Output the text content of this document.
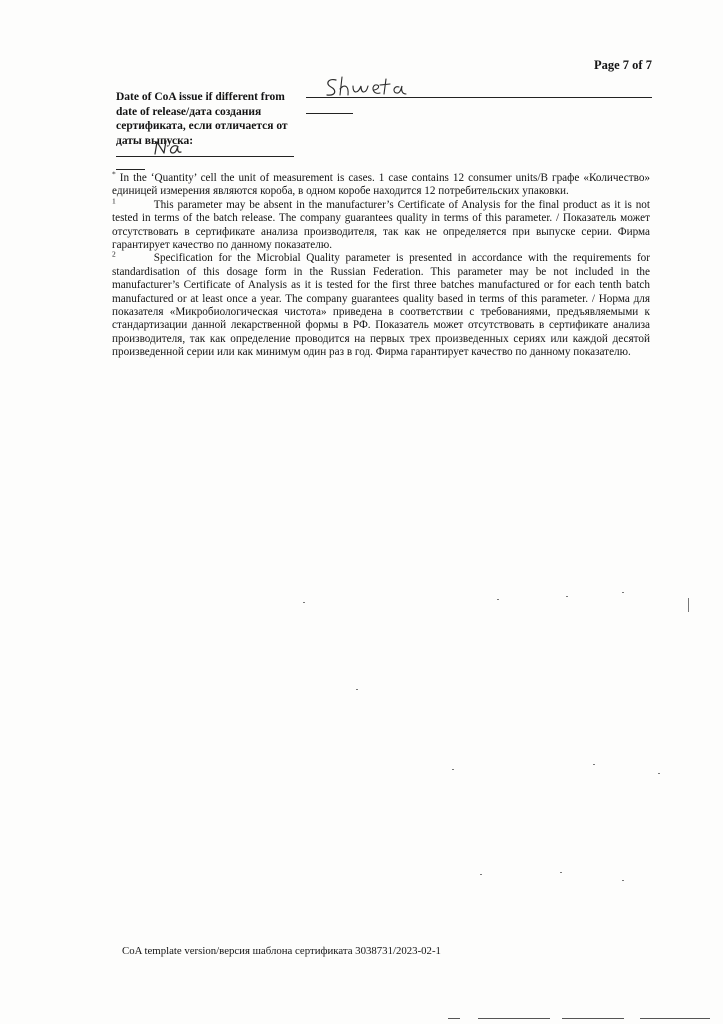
Page 7 of 7
Date of CoA issue if different from date of release/дата создания сертификата, если отличается от даты выпуска:

* In the ‘Quantity’ cell the unit of measurement is cases. 1 case contains 12 consumer units/В графе «Количество» единицей измерения являются короба, в одном коробе находится 12 потребительских упаковки.

$^1$	This parameter may be absent in the manufacturer’s Certificate of Analysis for the final product as it is not tested in terms of the batch release. The company guarantees quality in terms of this parameter. / Показатель может отсутствовать в сертификате анализа производителя, так как не определяется при выпуске серии. Фирма гарантирует качество по данному показателю.

$^2$	Specification for the Microbial Quality parameter is presented in accordance with the requirements for standardisation of this dosage form in the Russian Federation. This parameter may be not included in the manufacturer’s Certificate of Analysis as it is tested for the first three batches manufactured or for each tenth batch manufactured or at least once a year. The company guarantees quality based in terms of this parameter. / Норма для показателя «Микробиологическая чистота» приведена в соответствии с требованиями, предъявляемыми к стандартизации данной лекарственной формы в РФ. Показатель может отсутствовать в сертификате анализа производителя, так как определение проводится на первых трех произведенных сериях или каждой десятой произведенной серии или как минимум один раз в год. Фирма гарантирует качество по данному показателю.

CoA template version/версия шаблона сертификата 3038731/2023-02-1
